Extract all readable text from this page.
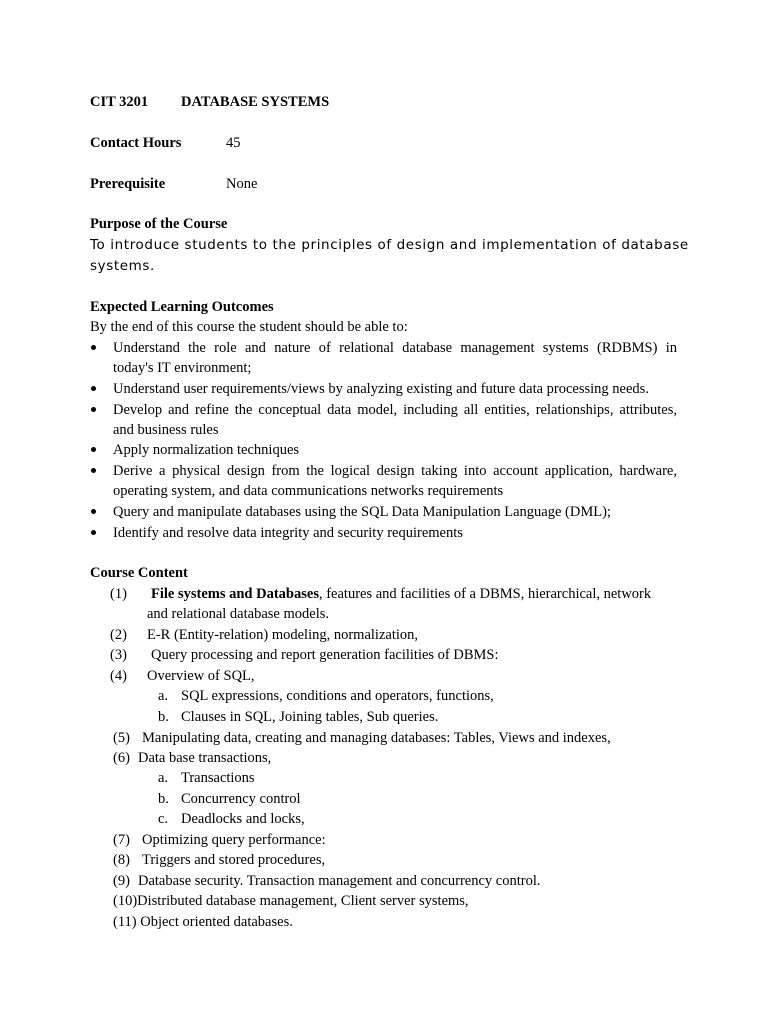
CIT 3201 DATABASE SYSTEMS
Contact Hours	45
Prerequisite	None
Purpose of the Course
To introduce students to the principles of design and implementation of database
systems.
Expected Learning Outcomes
By the end of this course the student should be able to:
Understand the role and nature of relational database management systems (RDBMS) in
today's IT environment;
Understand user requirements/views by analyzing existing and future data processing needs.
Develop and refine the conceptual data model, including all entities, relationships, attributes,
and business rules
Apply normalization techniques
Derive a physical design from the logical design taking into account application, hardware,
operating system, and data communications networks requirements
Query and manipulate databases using the SQL Data Manipulation Language (DML);
Identify and resolve data integrity and security requirements
Course Content
(1) File systems and Databases, features and facilities of a DBMS, hierarchical, network
and relational database models.
(2) E-R (Entity-relation) modeling, normalization,
(3) Query processing and report generation facilities of DBMS:
(4) Overview of SQL,
a. SQL expressions, conditions and operators, functions,
b. Clauses in SQL, Joining tables, Sub queries.
(5) Manipulating data, creating and managing databases: Tables, Views and indexes,
(6) Data base transactions,
a. Transactions
b. Concurrency control
c. Deadlocks and locks,
(7) Optimizing query performance:
(8) Triggers and stored procedures,
(9) Database security. Transaction management and concurrency control.
(10)Distributed database management, Client server systems,
(11) Object oriented databases.
